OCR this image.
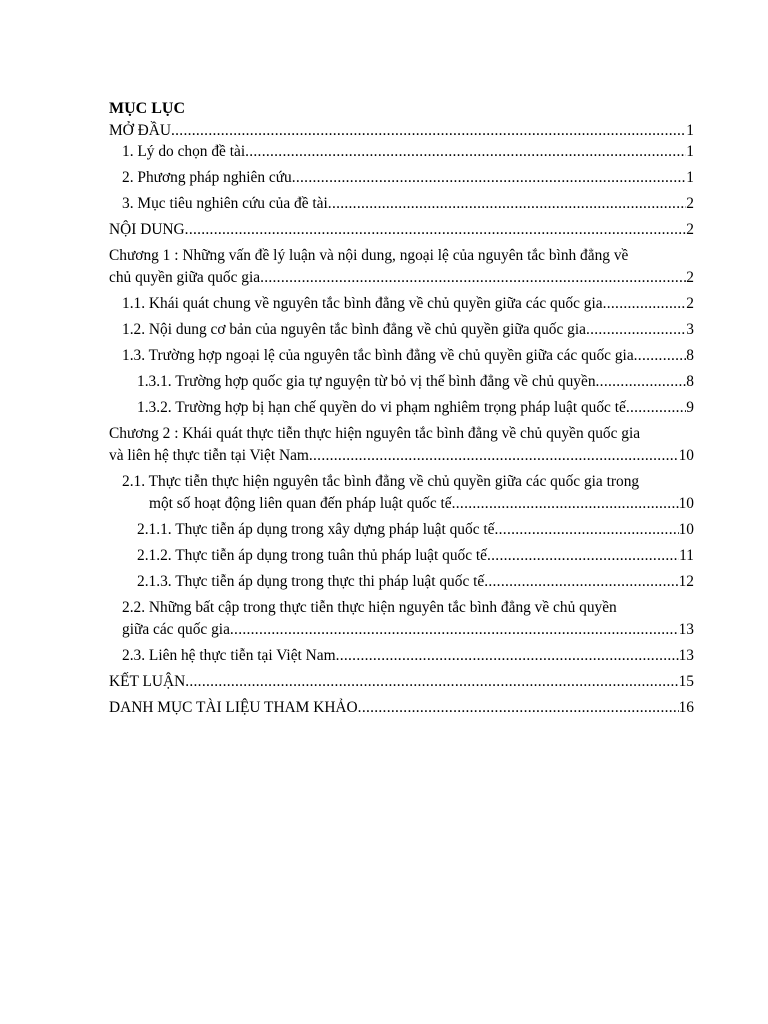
MỤC LỤC
MỞ ĐẦU .....	1
1. Lý do chọn đề tài .....	1
2. Phương pháp nghiên cứu .....	1
3. Mục tiêu nghiên cứu của đề tài .....	2
NỘI DUNG .....	2
Chương 1 : Những vấn đề lý luận và nội dung, ngoại lệ của nguyên tắc bình đẳng về
chủ quyền giữa quốc gia .....	2
1.1. Khái quát chung về nguyên tắc bình đẳng về chủ quyền giữa các quốc gia .....	2
1.2. Nội dung cơ bản của nguyên tắc bình đẳng về chủ quyền giữa quốc gia .....	3
1.3. Trường hợp ngoại lệ của nguyên tắc bình đẳng về chủ quyền giữa các quốc gia .....	8
1.3.1. Trường hợp quốc gia tự nguyện từ bỏ vị thế bình đẳng về chủ quyền .....	8
1.3.2. Trường hợp bị hạn chế quyền do vi phạm nghiêm trọng pháp luật quốc tế .....	9
Chương 2 : Khái quát thực tiễn thực hiện nguyên tắc bình đẳng về chủ quyền quốc gia
và liên hệ thực tiễn tại Việt Nam .....	10
2.1. Thực tiễn thực hiện nguyên tắc bình đẳng về chủ quyền giữa các quốc gia trong
một số hoạt động liên quan đến pháp luật quốc tế .....	10
2.1.1. Thực tiễn áp dụng trong xây dựng pháp luật quốc tế .....	10
2.1.2. Thực tiễn áp dụng trong tuân thủ pháp luật quốc tế .....	11
2.1.3. Thực tiễn áp dụng trong thực thi pháp luật quốc tế .....	12
2.2. Những bất cập trong thực tiễn thực hiện nguyên tắc bình đẳng về chủ quyền
giữa các quốc gia .....	13
2.3. Liên hệ thực tiễn tại Việt Nam .....	13
KẾT LUẬN .....	15
DANH MỤC TÀI LIỆU THAM KHẢO .....	16
